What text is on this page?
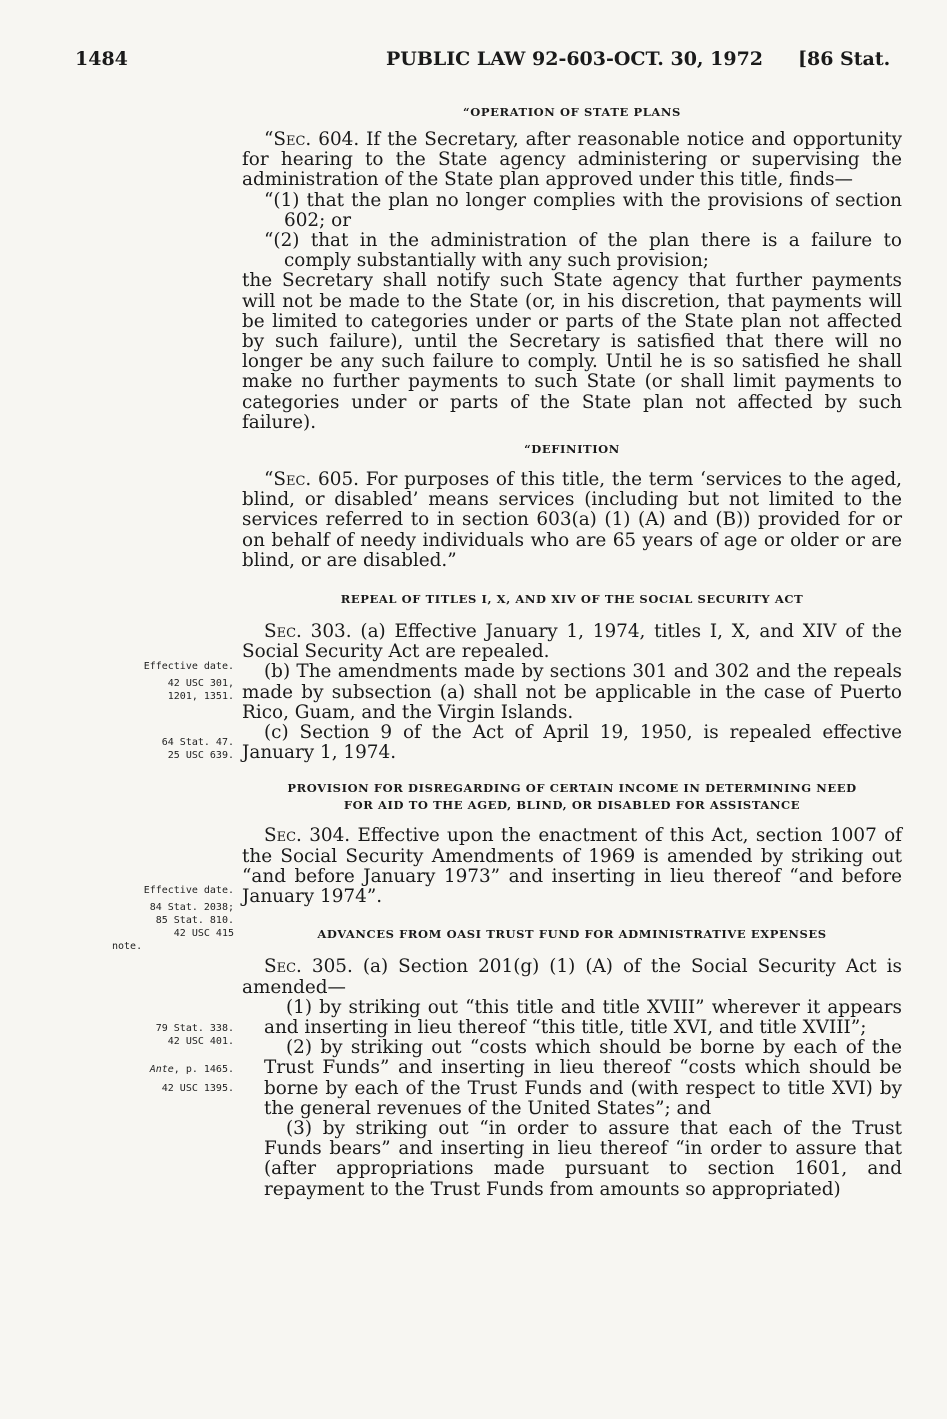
1484	PUBLIC LAW 92-603-OCT. 30, 1972 [86 Stat.
“OPERATION OF STATE PLANS

“Sec. 604. If the Secretary, after reasonable notice and opportunity for hearing to the State agency administering or supervising the administration of the State plan approved under this title, finds—

“(1) that the plan no longer complies with the provisions of section 602; or

“(2) that in the administration of the plan there is a failure to comply substantially with any such provision;

the Secretary shall notify such State agency that further payments will not be made to the State (or, in his discretion, that payments will be limited to categories under or parts of the State plan not affected by such failure), until the Secretary is satisfied that there will no longer be any such failure to comply. Until he is so satisfied he shall make no further payments to such State (or shall limit payments to categories under or parts of the State plan not affected by such failure).

“DEFINITION

“Sec. 605. For purposes of this title, the term ‘services to the aged, blind, or disabled’ means services (including but not limited to the services referred to in section 603(a) (1) (A) and (B)) provided for or on behalf of needy individuals who are 65 years of age or older or are blind, or are disabled.”

REPEAL OF TITLES I, X, AND XIV OF THE SOCIAL SECURITY ACT

Sec. 303. (a) Effective January 1, 1974, titles I, X, and XIV of the Social Security Act are repealed.

(b) The amendments made by sections 301 and 302 and the repeals made by subsection (a) shall not be applicable in the case of Puerto Rico, Guam, and the Virgin Islands.

(c) Section 9 of the Act of April 19, 1950, is repealed effective January 1, 1974.

PROVISION FOR DISREGARDING OF CERTAIN INCOME IN DETERMINING NEED
FOR AID TO THE AGED, BLIND, OR DISABLED FOR ASSISTANCE

Sec. 304. Effective upon the enactment of this Act, section 1007 of the Social Security Amendments of 1969 is amended by striking out “and before January 1973” and inserting in lieu thereof “and before January 1974”.

ADVANCES FROM OASI TRUST FUND FOR ADMINISTRATIVE EXPENSES

Sec. 305. (a) Section 201(g) (1) (A) of the Social Security Act is amended—

(1) by striking out “this title and title XVIII” wherever it appears and inserting in lieu thereof “this title, title XVI, and title XVIII”;

(2) by striking out “costs which should be borne by each of the Trust Funds” and inserting in lieu thereof “costs which should be borne by each of the Trust Funds and (with respect to title XVI) by the general revenues of the United States”; and

(3) by striking out “in order to assure that each of the Trust Funds bears” and inserting in lieu thereof “in order to assure that (after appropriations made pursuant to section 1601, and repayment to the Trust Funds from amounts so appropriated)

Effective date.
42 USC 301,
1201, 1351.
64 Stat. 47.
25 USC 639.
Effective date.
84 Stat. 2038;
85 Stat. 810.
42 USC 415
note.
79 Stat. 338.
42 USC 401.
Ante, p. 1465.
42 USC 1395.
